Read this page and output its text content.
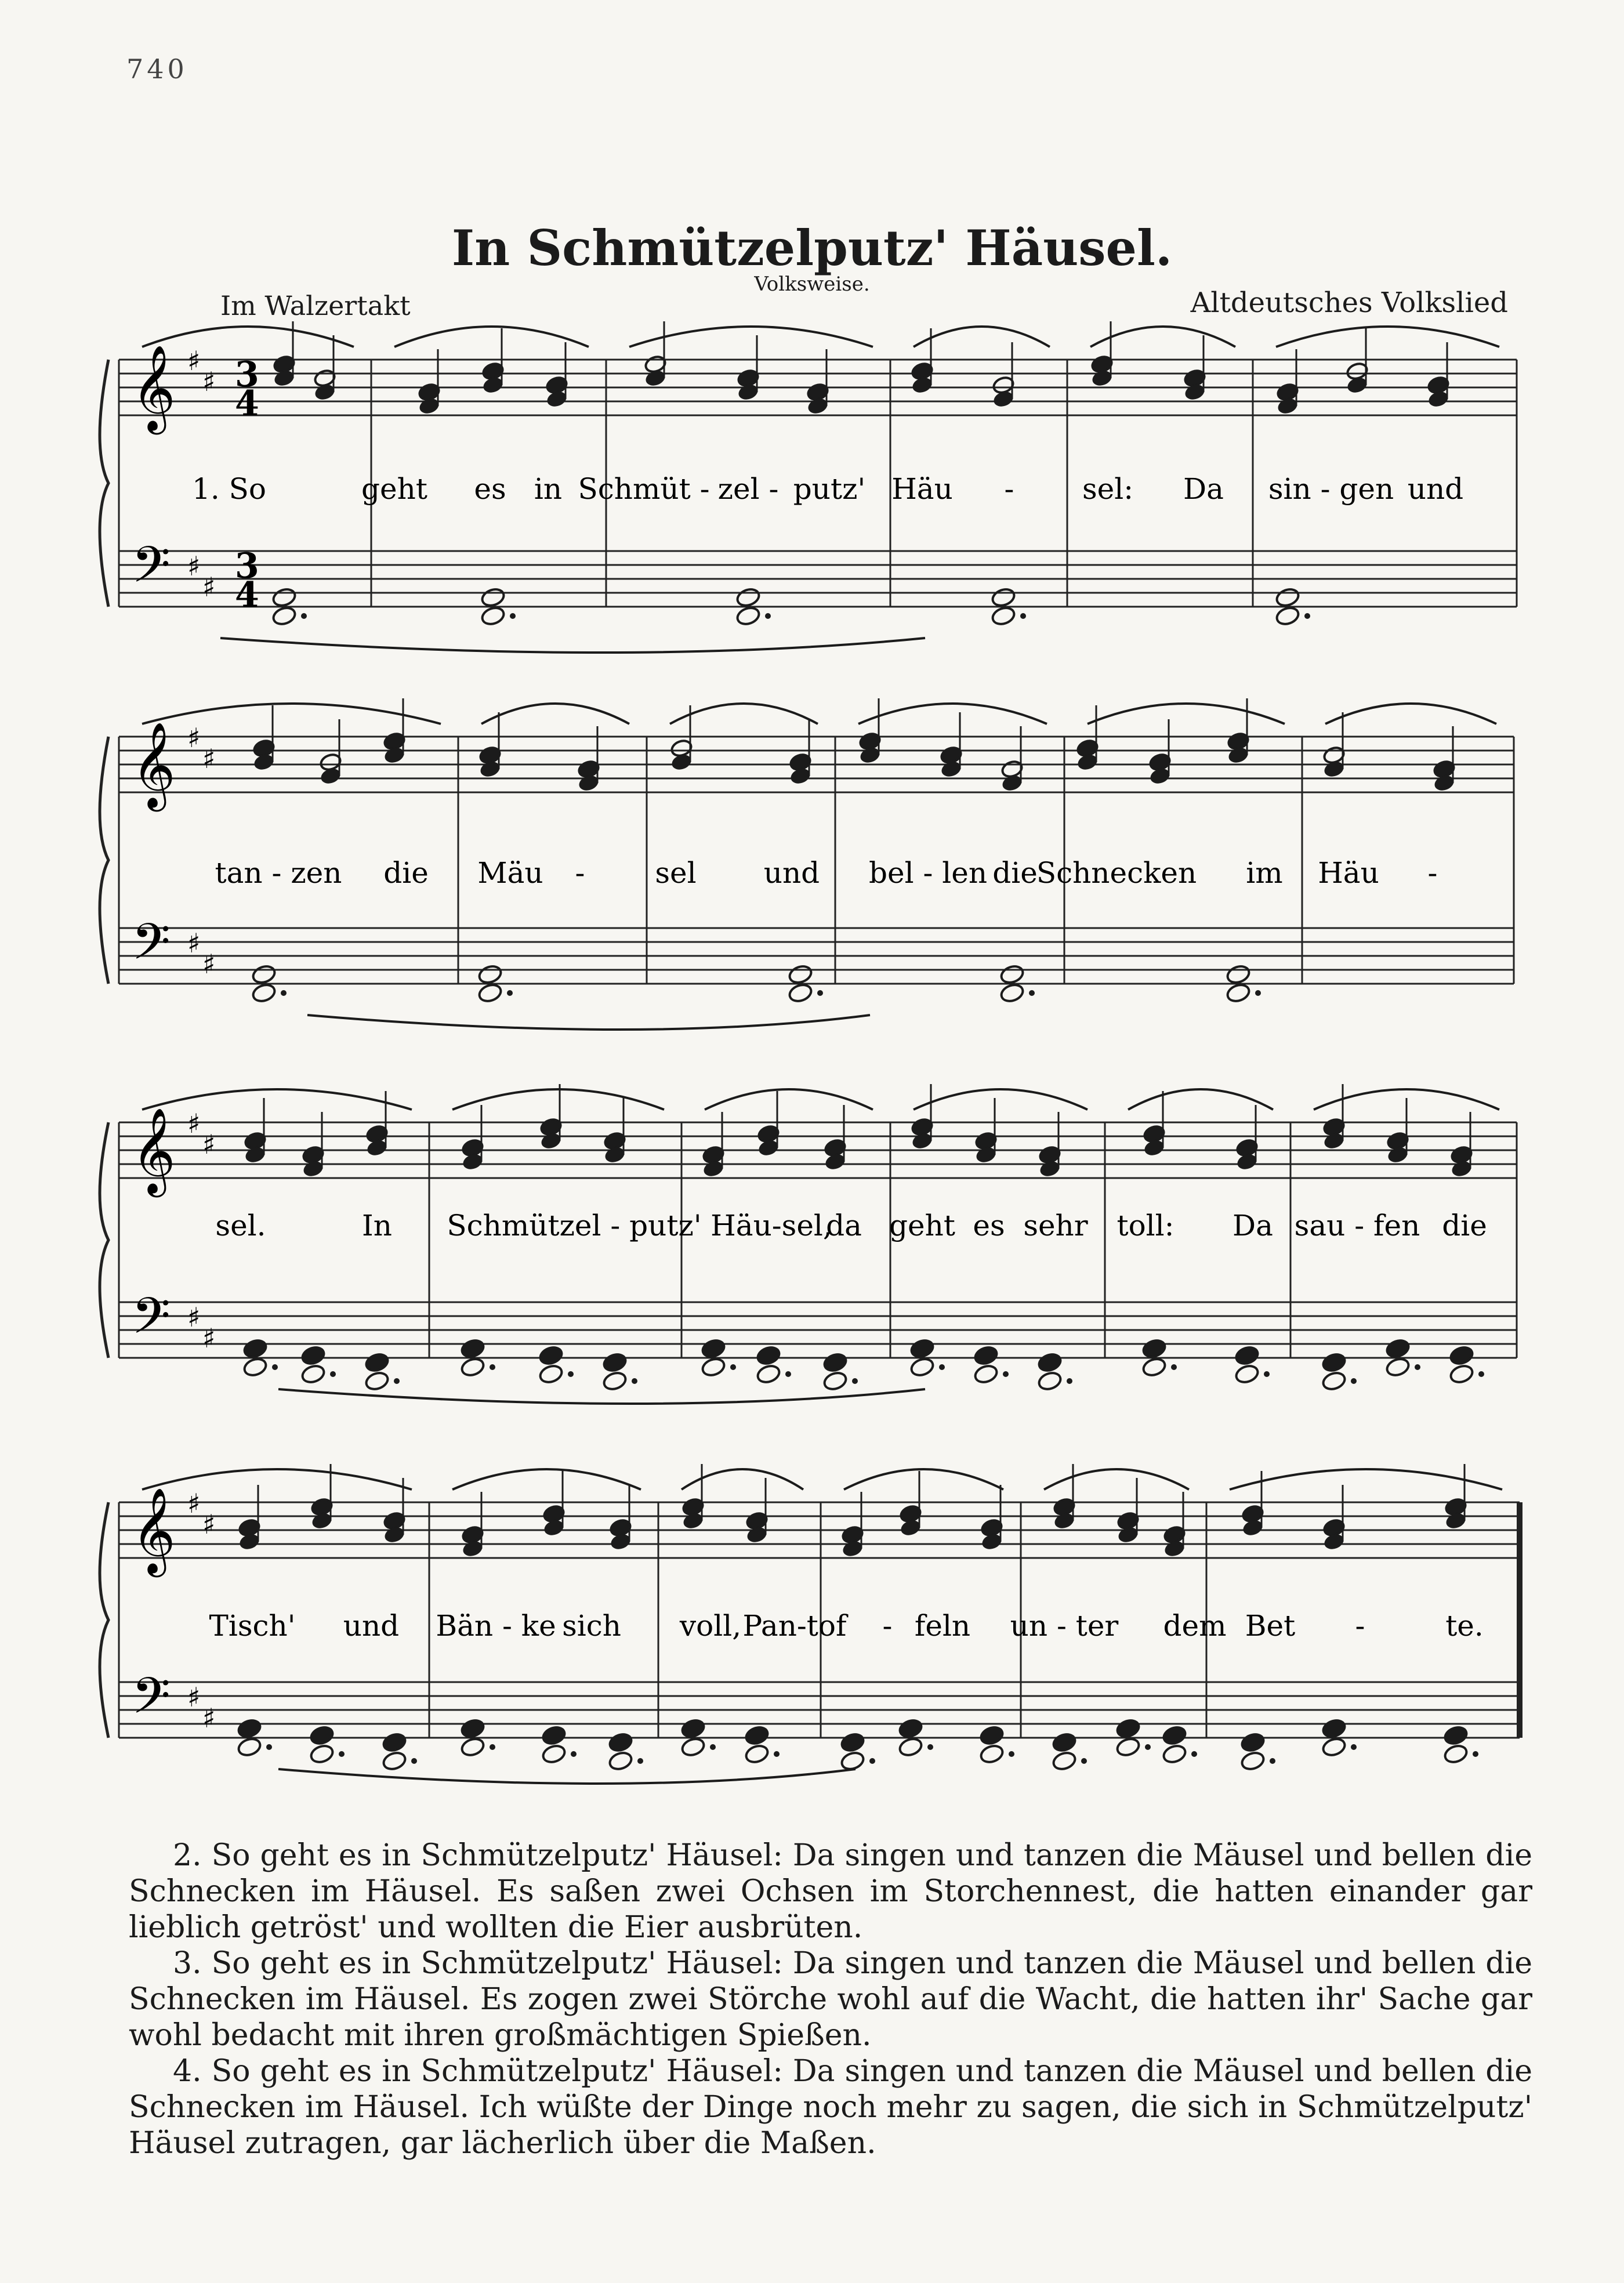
740
In Schmützelputz' Häusel.
Volksweise.
Im Walzertakt	Altdeutsches Volkslied
𝄞
𝄢
♯
♯
♯
♯
3
4
3
4
1. So	geht es in Schmüt - zel - putz' Häu - sel: Da sin - gen und
𝄞
𝄢
♯
♯
♯
♯
tan - zen die Mäu - sel und bel - len die
Schnecken im Häu -
𝄞
𝄢
♯
♯
♯
♯
sel.	In Schmützel - putz' Häu-sel,
da geht es sehr toll: Da sau - fen die
𝄞
𝄢
♯
♯
♯
♯
Tisch' und Bän - ke sich voll, Pan-tof - feln un - ter dem Bet -	te.

2. So geht es in Schmützelputz' Häusel: Da singen und tanzen die Mäusel und bellen die Schnecken im Häusel. Es saßen zwei Ochsen im Storchennest, die hatten einander gar lieblich getröst' und wollten die Eier ausbrüten.

3. So geht es in Schmützelputz' Häusel: Da singen und tanzen die Mäusel und bellen die Schnecken im Häusel. Es zogen zwei Störche wohl auf die Wacht, die hatten ihr' Sache gar wohl bedacht mit ihren großmächtigen Spießen.

4. So geht es in Schmützelputz' Häusel: Da singen und tanzen die Mäusel und bellen die Schnecken im Häusel. Ich wüßte der Dinge noch mehr zu sagen, die sich in Schmützelputz' Häusel zutragen, gar lächerlich über die Maßen.
